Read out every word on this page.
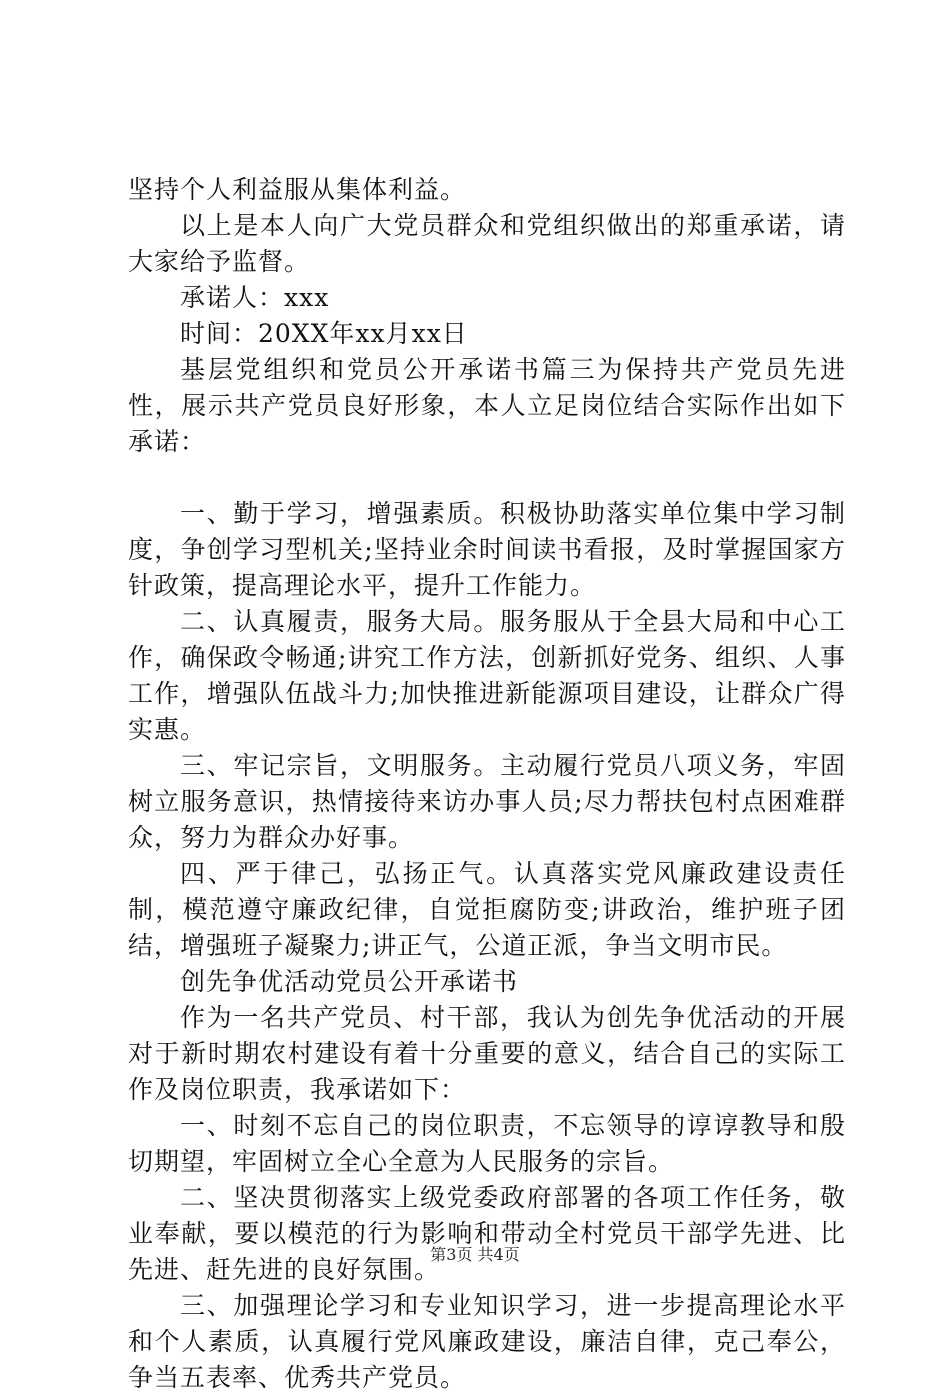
坚持个人利益服从集体利益。

以上是本人向广大党员群众和党组织做出的郑重承诺，请大家给予监督。

承诺人：xxx

时间：20XX年xx月xx日

基层党组织和党员公开承诺书篇三为保持共产党员先进性，展示共产党员良好形象，本人立足岗位结合实际作出如下承诺：

一、勤于学习，增强素质。积极协助落实单位集中学习制度，争创学习型机关;坚持业余时间读书看报，及时掌握国家方针政策，提高理论水平，提升工作能力。

二、认真履责，服务大局。服务服从于全县大局和中心工作，确保政令畅通;讲究工作方法，创新抓好党务、组织、人事工作，增强队伍战斗力;加快推进新能源项目建设，让群众广得实惠。

三、牢记宗旨，文明服务。主动履行党员八项义务，牢固树立服务意识，热情接待来访办事人员;尽力帮扶包村点困难群众，努力为群众办好事。

四、严于律己，弘扬正气。认真落实党风廉政建设责任制，模范遵守廉政纪律，自觉拒腐防变;讲政治，维护班子团结，增强班子凝聚力;讲正气，公道正派，争当文明市民。

创先争优活动党员公开承诺书

作为一名共产党员、村干部，我认为创先争优活动的开展对于新时期农村建设有着十分重要的意义，结合自己的实际工作及岗位职责，我承诺如下：

一、时刻不忘自己的岗位职责，不忘领导的谆谆教导和殷切期望，牢固树立全心全意为人民服务的宗旨。

二、坚决贯彻落实上级党委政府部署的各项工作任务，敬业奉献，要以模范的行为影响和带动全村党员干部学先进、比先进、赶先进的良好氛围。

三、加强理论学习和专业知识学习，进一步提高理论水平和个人素质，认真履行党风廉政建设，廉洁自律，克己奉公，争当五表率、优秀共产党员。

第3页 共4页
